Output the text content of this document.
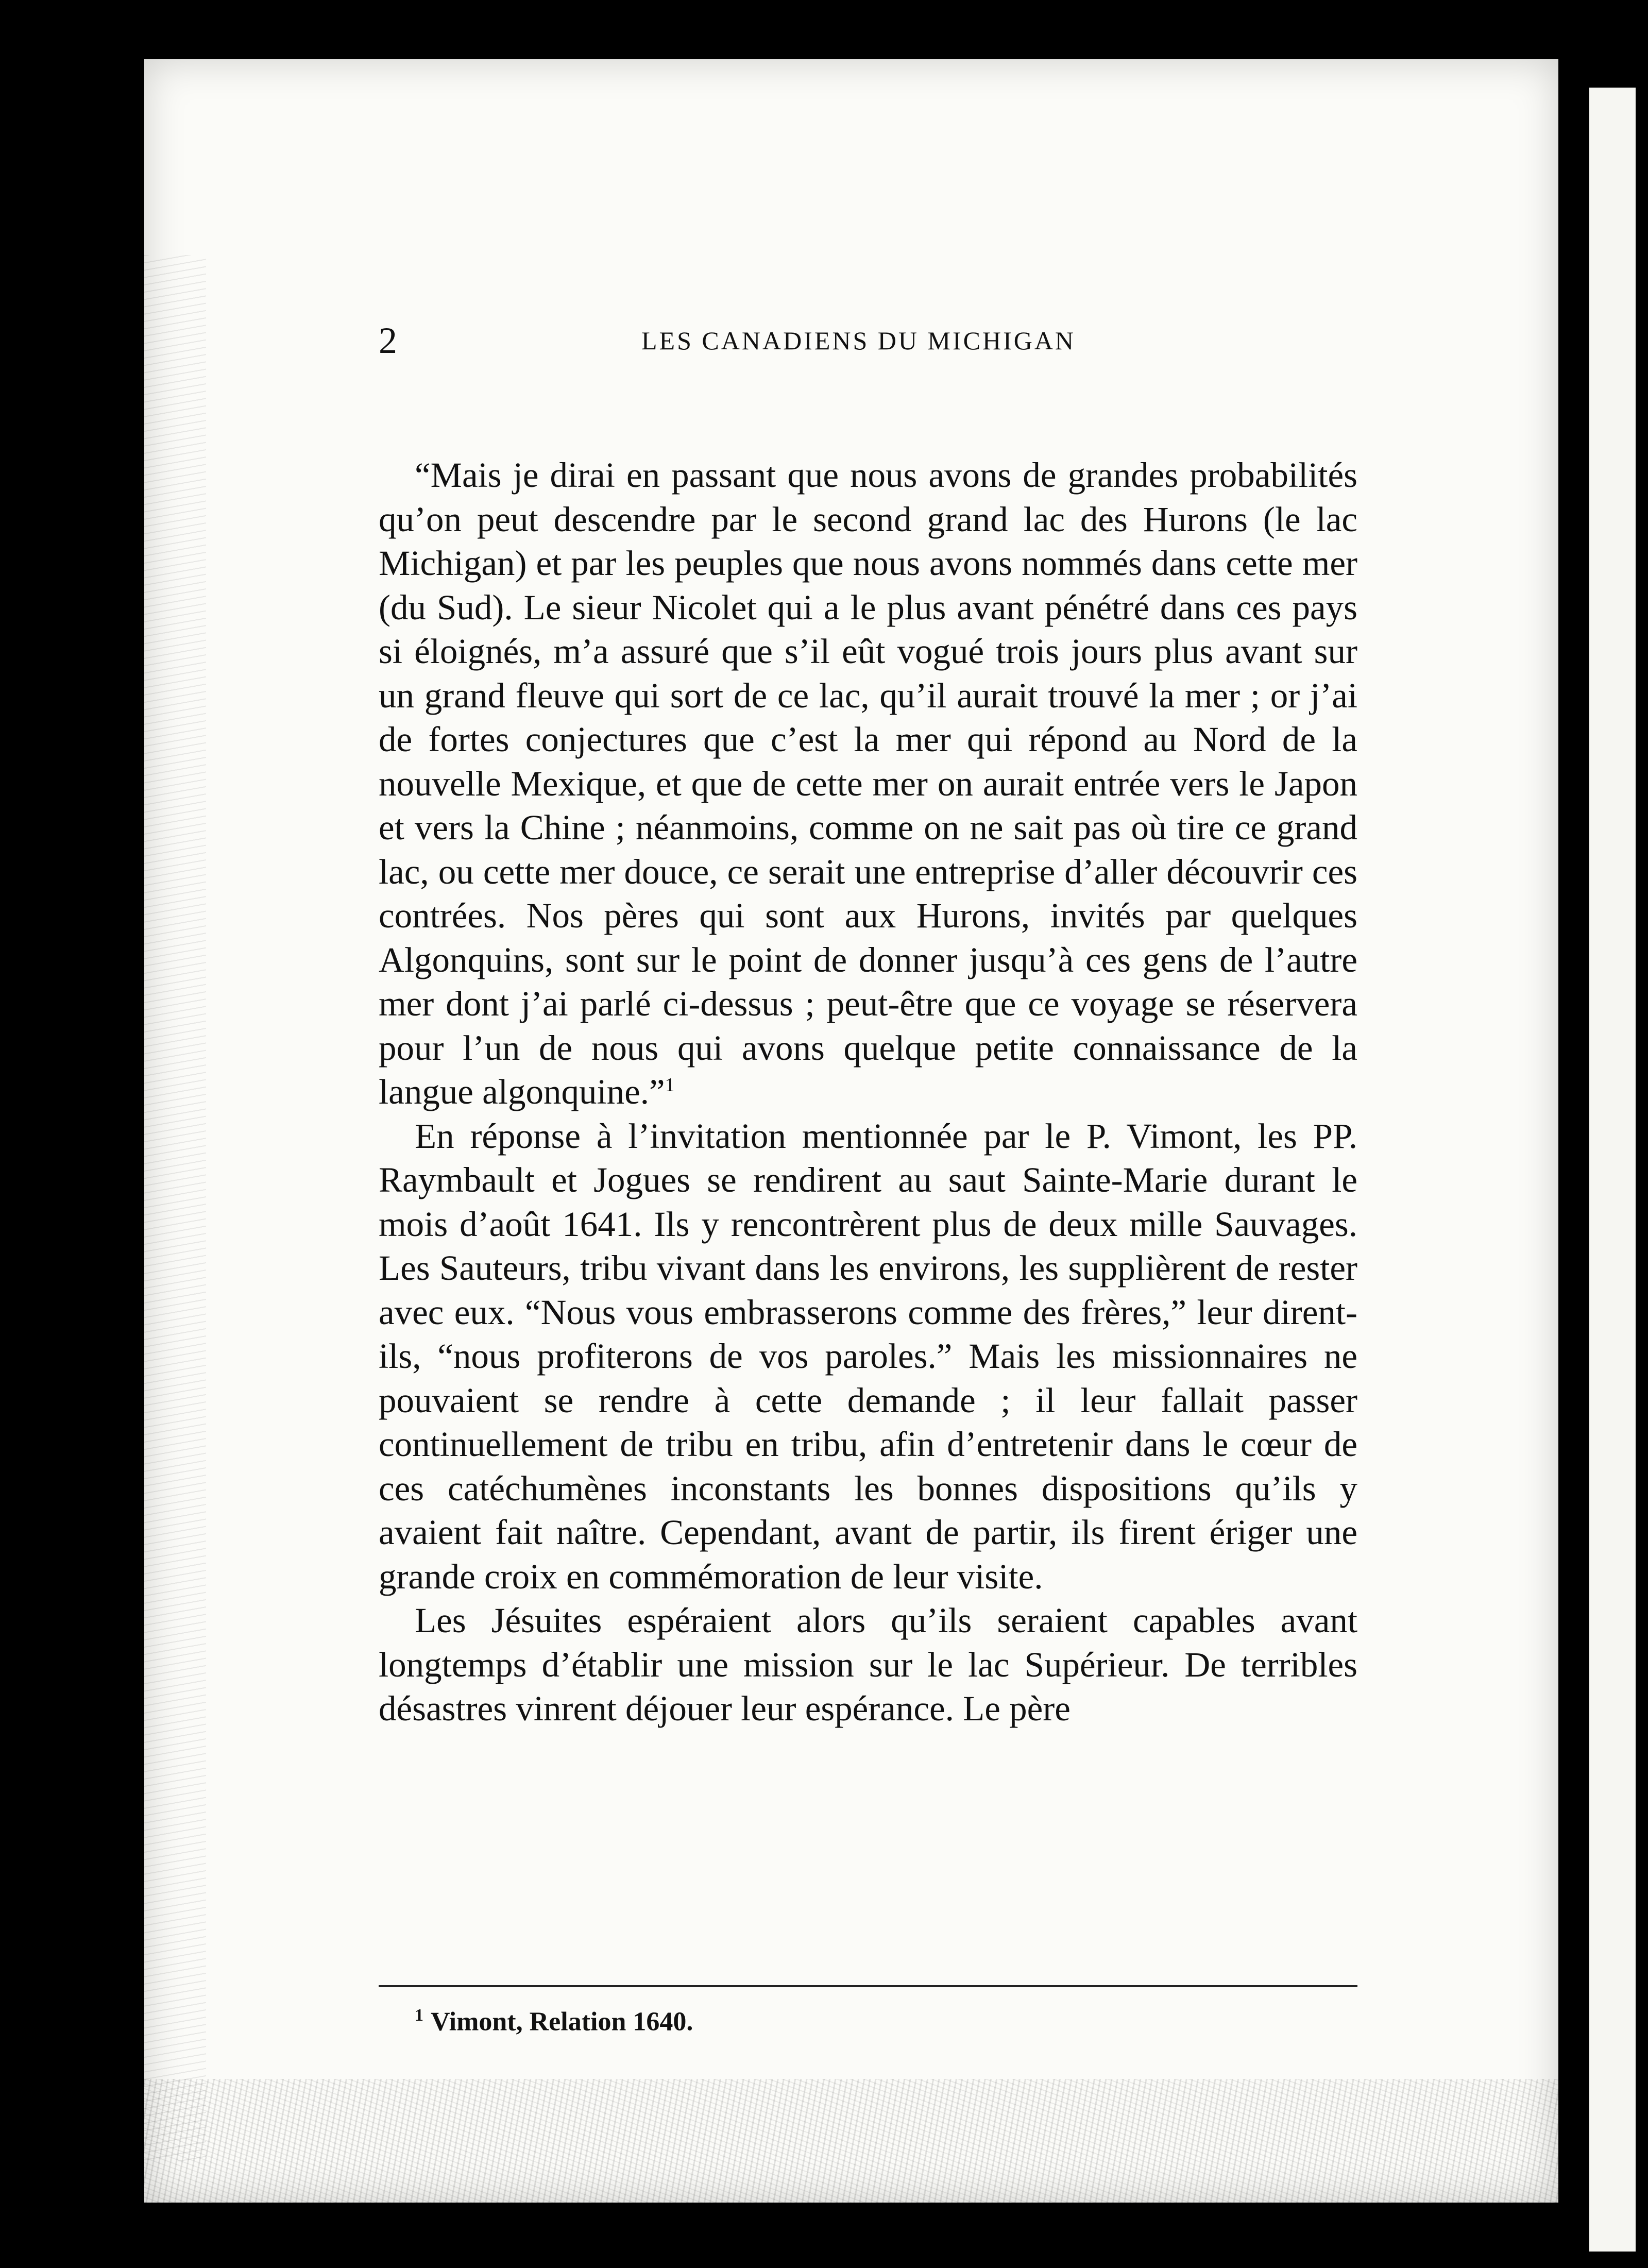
2	LES CANADIENS DU MICHIGAN

“Mais je dirai en passant que nous avons de grandes probabilités qu’on peut descendre par le second grand lac des Hurons (le lac Michigan) et par les peuples que nous avons nommés dans cette mer (du Sud). Le sieur Nicolet qui a le plus avant pénétré dans ces pays si éloignés, m’a assuré que s’il eût vogué trois jours plus avant sur un grand fleuve qui sort de ce lac, qu’il aurait trouvé la mer ; or j’ai de fortes conjectures que c’est la mer qui répond au Nord de la nouvelle Mexique, et que de cette mer on aurait entrée vers le Japon et vers la Chine ; néanmoins, comme on ne sait pas où tire ce grand lac, ou cette mer douce, ce serait une entreprise d’aller découvrir ces contrées. Nos pères qui sont aux Hurons, invités par quelques Algonquins, sont sur le point de donner jusqu’à ces gens de l’autre mer dont j’ai parlé ci-dessus ; peut-être que ce voyage se réservera pour l’un de nous qui avons quelque petite connaissance de la langue algonquine.”$^1$

En réponse à l’invitation mentionnée par le P. Vimont, les PP. Raymbault et Jogues se rendirent au saut Sainte-Marie durant le mois d’août 1641. Ils y rencontrèrent plus de deux mille Sauvages. Les Sauteurs, tribu vivant dans les environs, les supplièrent de rester avec eux. “Nous vous embrasserons comme des frères,” leur dirent-ils, “nous profiterons de vos paroles.” Mais les missionnaires ne pouvaient se rendre à cette demande ; il leur fallait passer continuellement de tribu en tribu, afin d’entretenir dans le cœur de ces catéchumènes inconstants les bonnes dispositions qu’ils y avaient fait naître. Cependant, avant de partir, ils firent ériger une grande croix en commémoration de leur visite.

Les Jésuites espéraient alors qu’ils seraient capables avant longtemps d’établir une mission sur le lac Supérieur. De terribles désastres vinrent déjouer leur espérance. Le père

$^1$ Vimont, Relation 1640.
